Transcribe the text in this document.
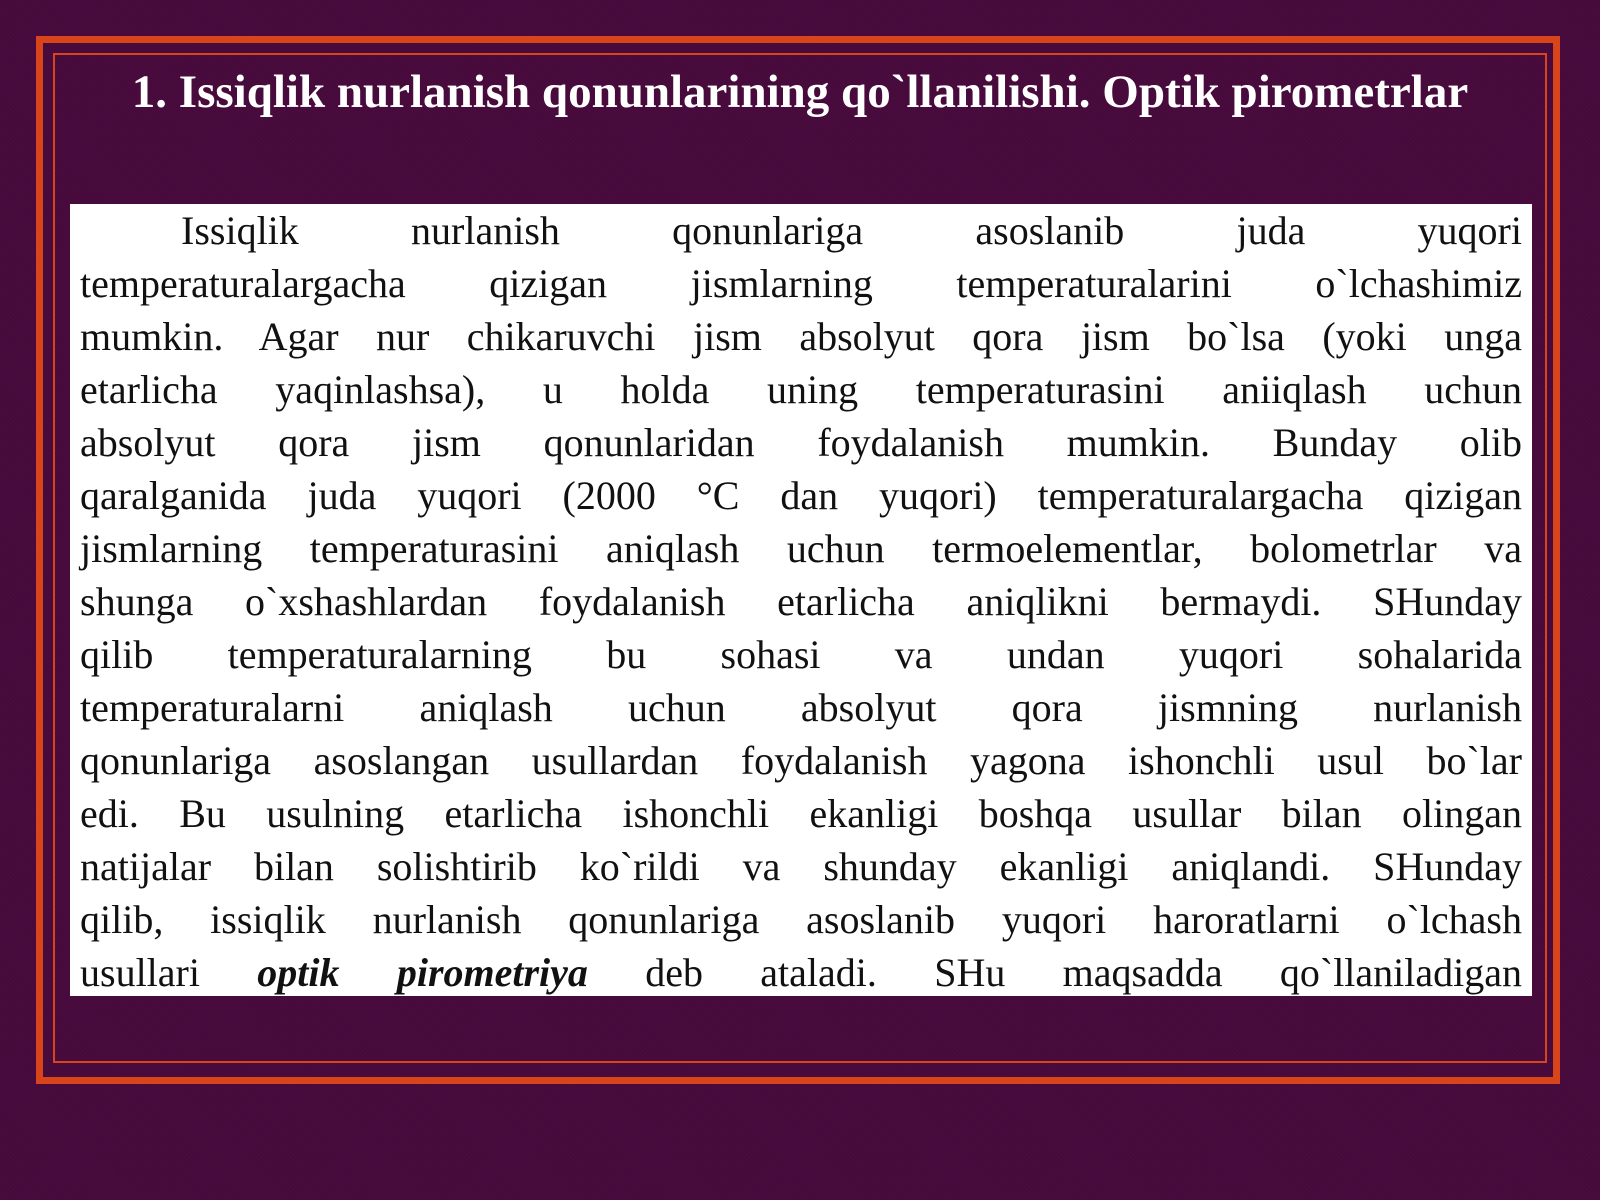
1. Issiqlik nurlanish qonunlarining qo`llanilishi. Optik pirometrlar

Issiqlik nurlanish qonunlariga asoslanib juda yuqori
temperaturalargacha qizigan jismlarning temperaturalarini o`lchashimiz
mumkin. Agar nur chikaruvchi jism absolyut qora jism bo`lsa (yoki unga
etarlicha yaqinlashsa), u holda uning temperaturasini aniiqlash uchun
absolyut qora jism qonunlaridan foydalanish mumkin. Bunday olib
qaralganida juda yuqori (2000 °C dan yuqori) temperaturalargacha qizigan
jismlarning temperaturasini aniqlash uchun termoelementlar, bolometrlar va
shunga o`xshashlardan foydalanish etarlicha aniqlikni bermaydi. SHunday
qilib temperaturalarning bu sohasi va undan yuqori sohalarida
temperaturalarni aniqlash uchun absolyut qora jismning nurlanish
qonunlariga asoslangan usullardan foydalanish yagona ishonchli usul bo`lar
edi. Bu usulning etarlicha ishonchli ekanligi boshqa usullar bilan olingan
natijalar bilan solishtirib ko`rildi va shunday ekanligi aniqlandi. SHunday
qilib, issiqlik nurlanish qonunlariga asoslanib yuqori haroratlarni o`lchash
usullari optik pirometriya deb ataladi. SHu maqsadda qo`llaniladigan
